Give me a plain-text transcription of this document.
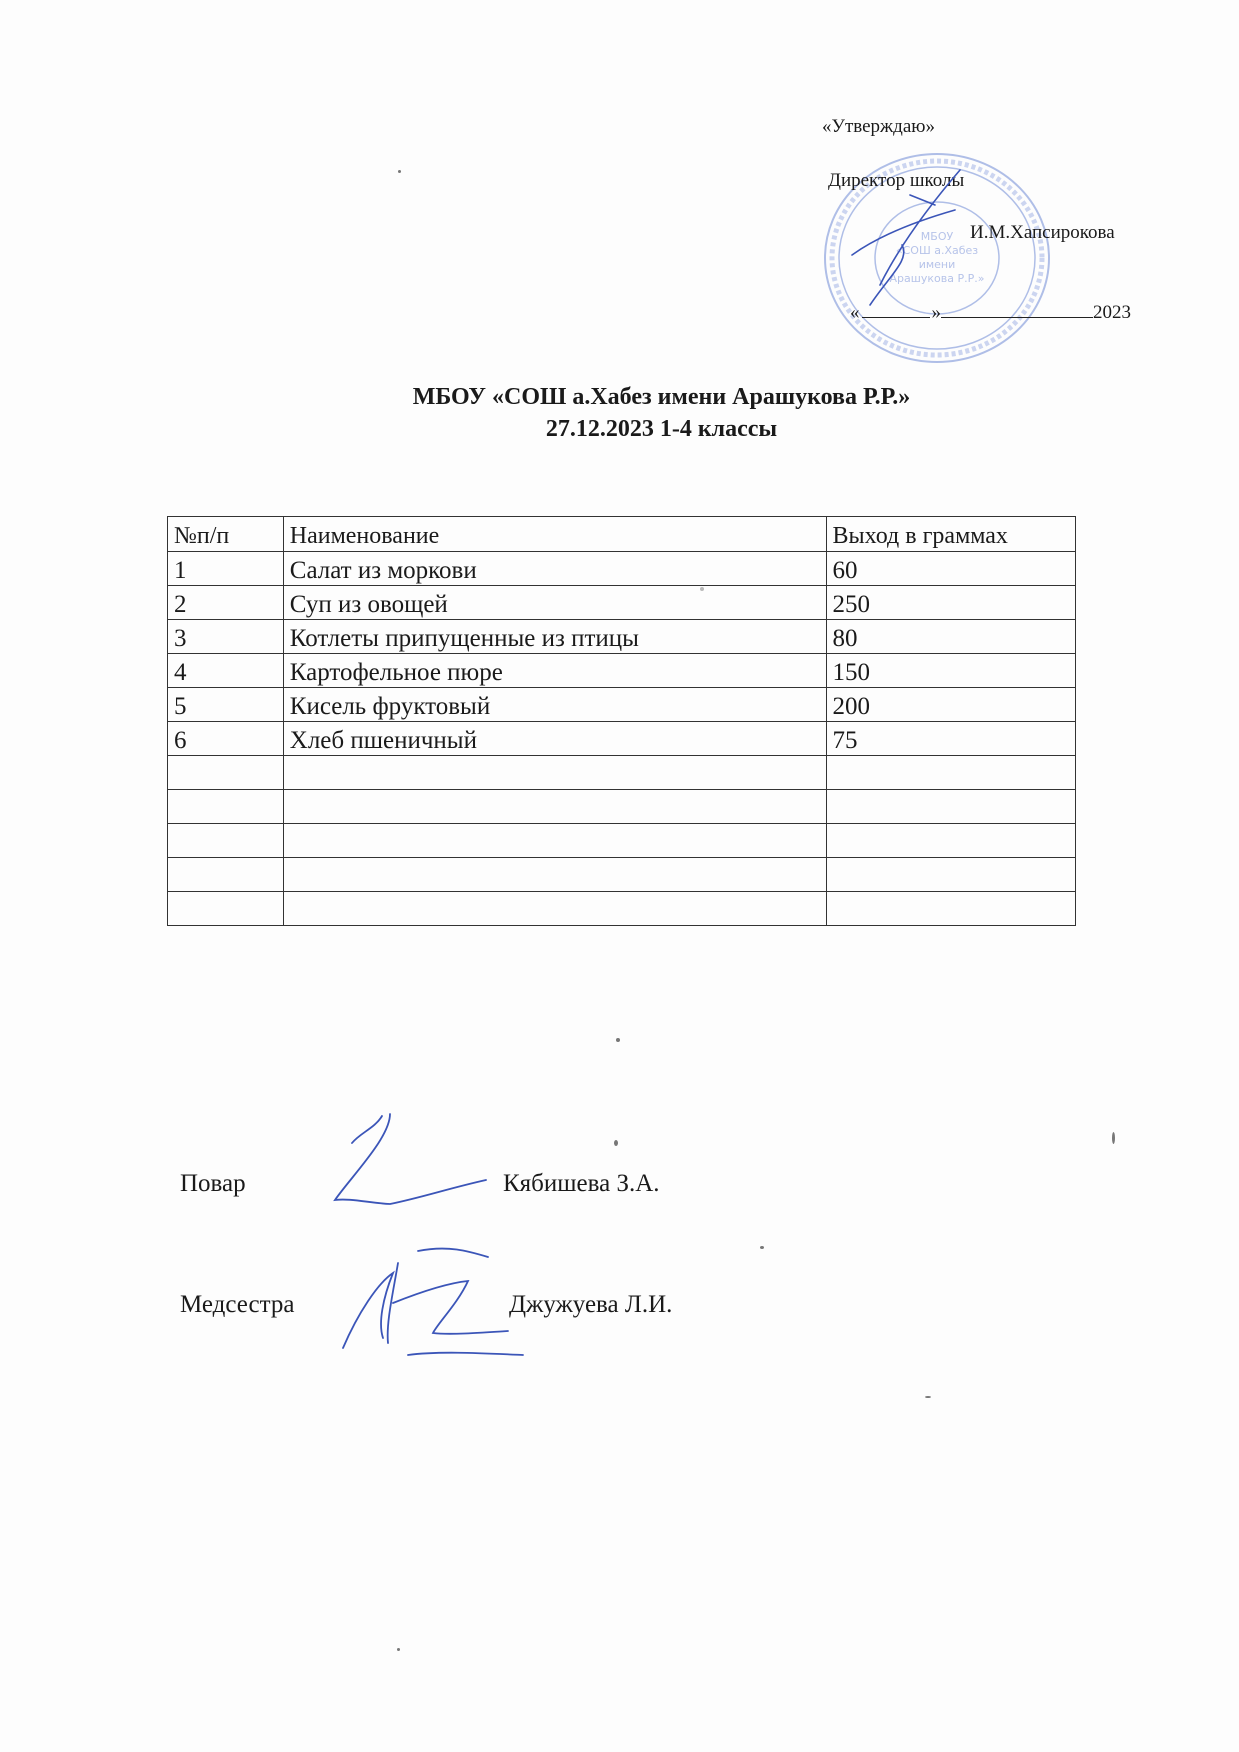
МБОУ
«СОШ а.Хабез
имени
Арашукова Р.Р.»
«Утверждаю»
Директор школы
И.М.Хапсирокова
«	»	2023
МБОУ «СОШ а.Хабез имени Арашукова Р.Р.»
27.12.2023 1-4 классы
№п/п	Наименование	Выход в граммах
1	Салат из моркови	60
2	Суп из овощей	250
3	Котлеты припущенные из птицы	80
4	Картофельное пюре	150
5	Кисель фруктовый	200
6	Хлеб пшеничный	75

Повар	Кябишева З.А.
Медсестра	Джужуева Л.И.
